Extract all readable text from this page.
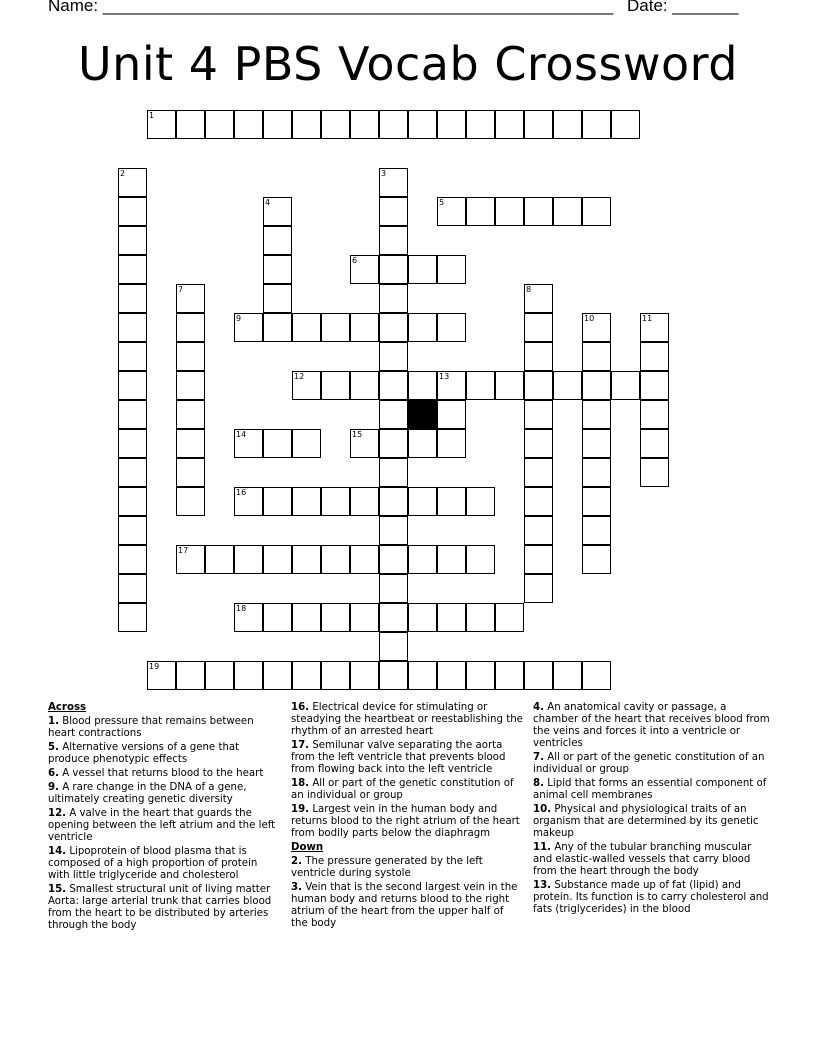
Name: ______________________________________________________ Date: _______
Unit 4 PBS Vocab Crossword
1
2	3
4	5
6
7	8
9	10	11
12	13
14	15
16
17
18
19
Across
1. Blood pressure that remains between heart contractions
5. Alternative versions of a gene that produce phenotypic effects
6. A vessel that returns blood to the heart
9. A rare change in the DNA of a gene, ultimately creating genetic diversity
12. A valve in the heart that guards the opening between the left atrium and the left ventricle
14. Lipoprotein of blood plasma that is composed of a high proportion of protein with little triglyceride and cholesterol
15. Smallest structural unit of living matter Aorta: large arterial trunk that carries blood from the heart to be distributed by arteries through the body
16. Electrical device for stimulating or steadying the heartbeat or reestablishing the rhythm of an arrested heart
17. Semilunar valve separating the aorta from the left ventricle that prevents blood from flowing back into the left ventricle
18. All or part of the genetic constitution of an individual or group
19. Largest vein in the human body and returns blood to the right atrium of the heart from bodily parts below the diaphragm
Down
2. The pressure generated by the left ventricle during systole
3. Vein that is the second largest vein in the human body and returns blood to the right atrium of the heart from the upper half of the body
4. An anatomical cavity or passage, a chamber of the heart that receives blood from the veins and forces it into a ventricle or ventricles
7. All or part of the genetic constitution of an individual or group
8. Lipid that forms an essential component of animal cell membranes
10. Physical and physiological traits of an organism that are determined by its genetic makeup
11. Any of the tubular branching muscular and elastic-walled vessels that carry blood from the heart through the body
13. Substance made up of fat (lipid) and protein. Its function is to carry cholesterol and fats (triglycerides) in the blood
